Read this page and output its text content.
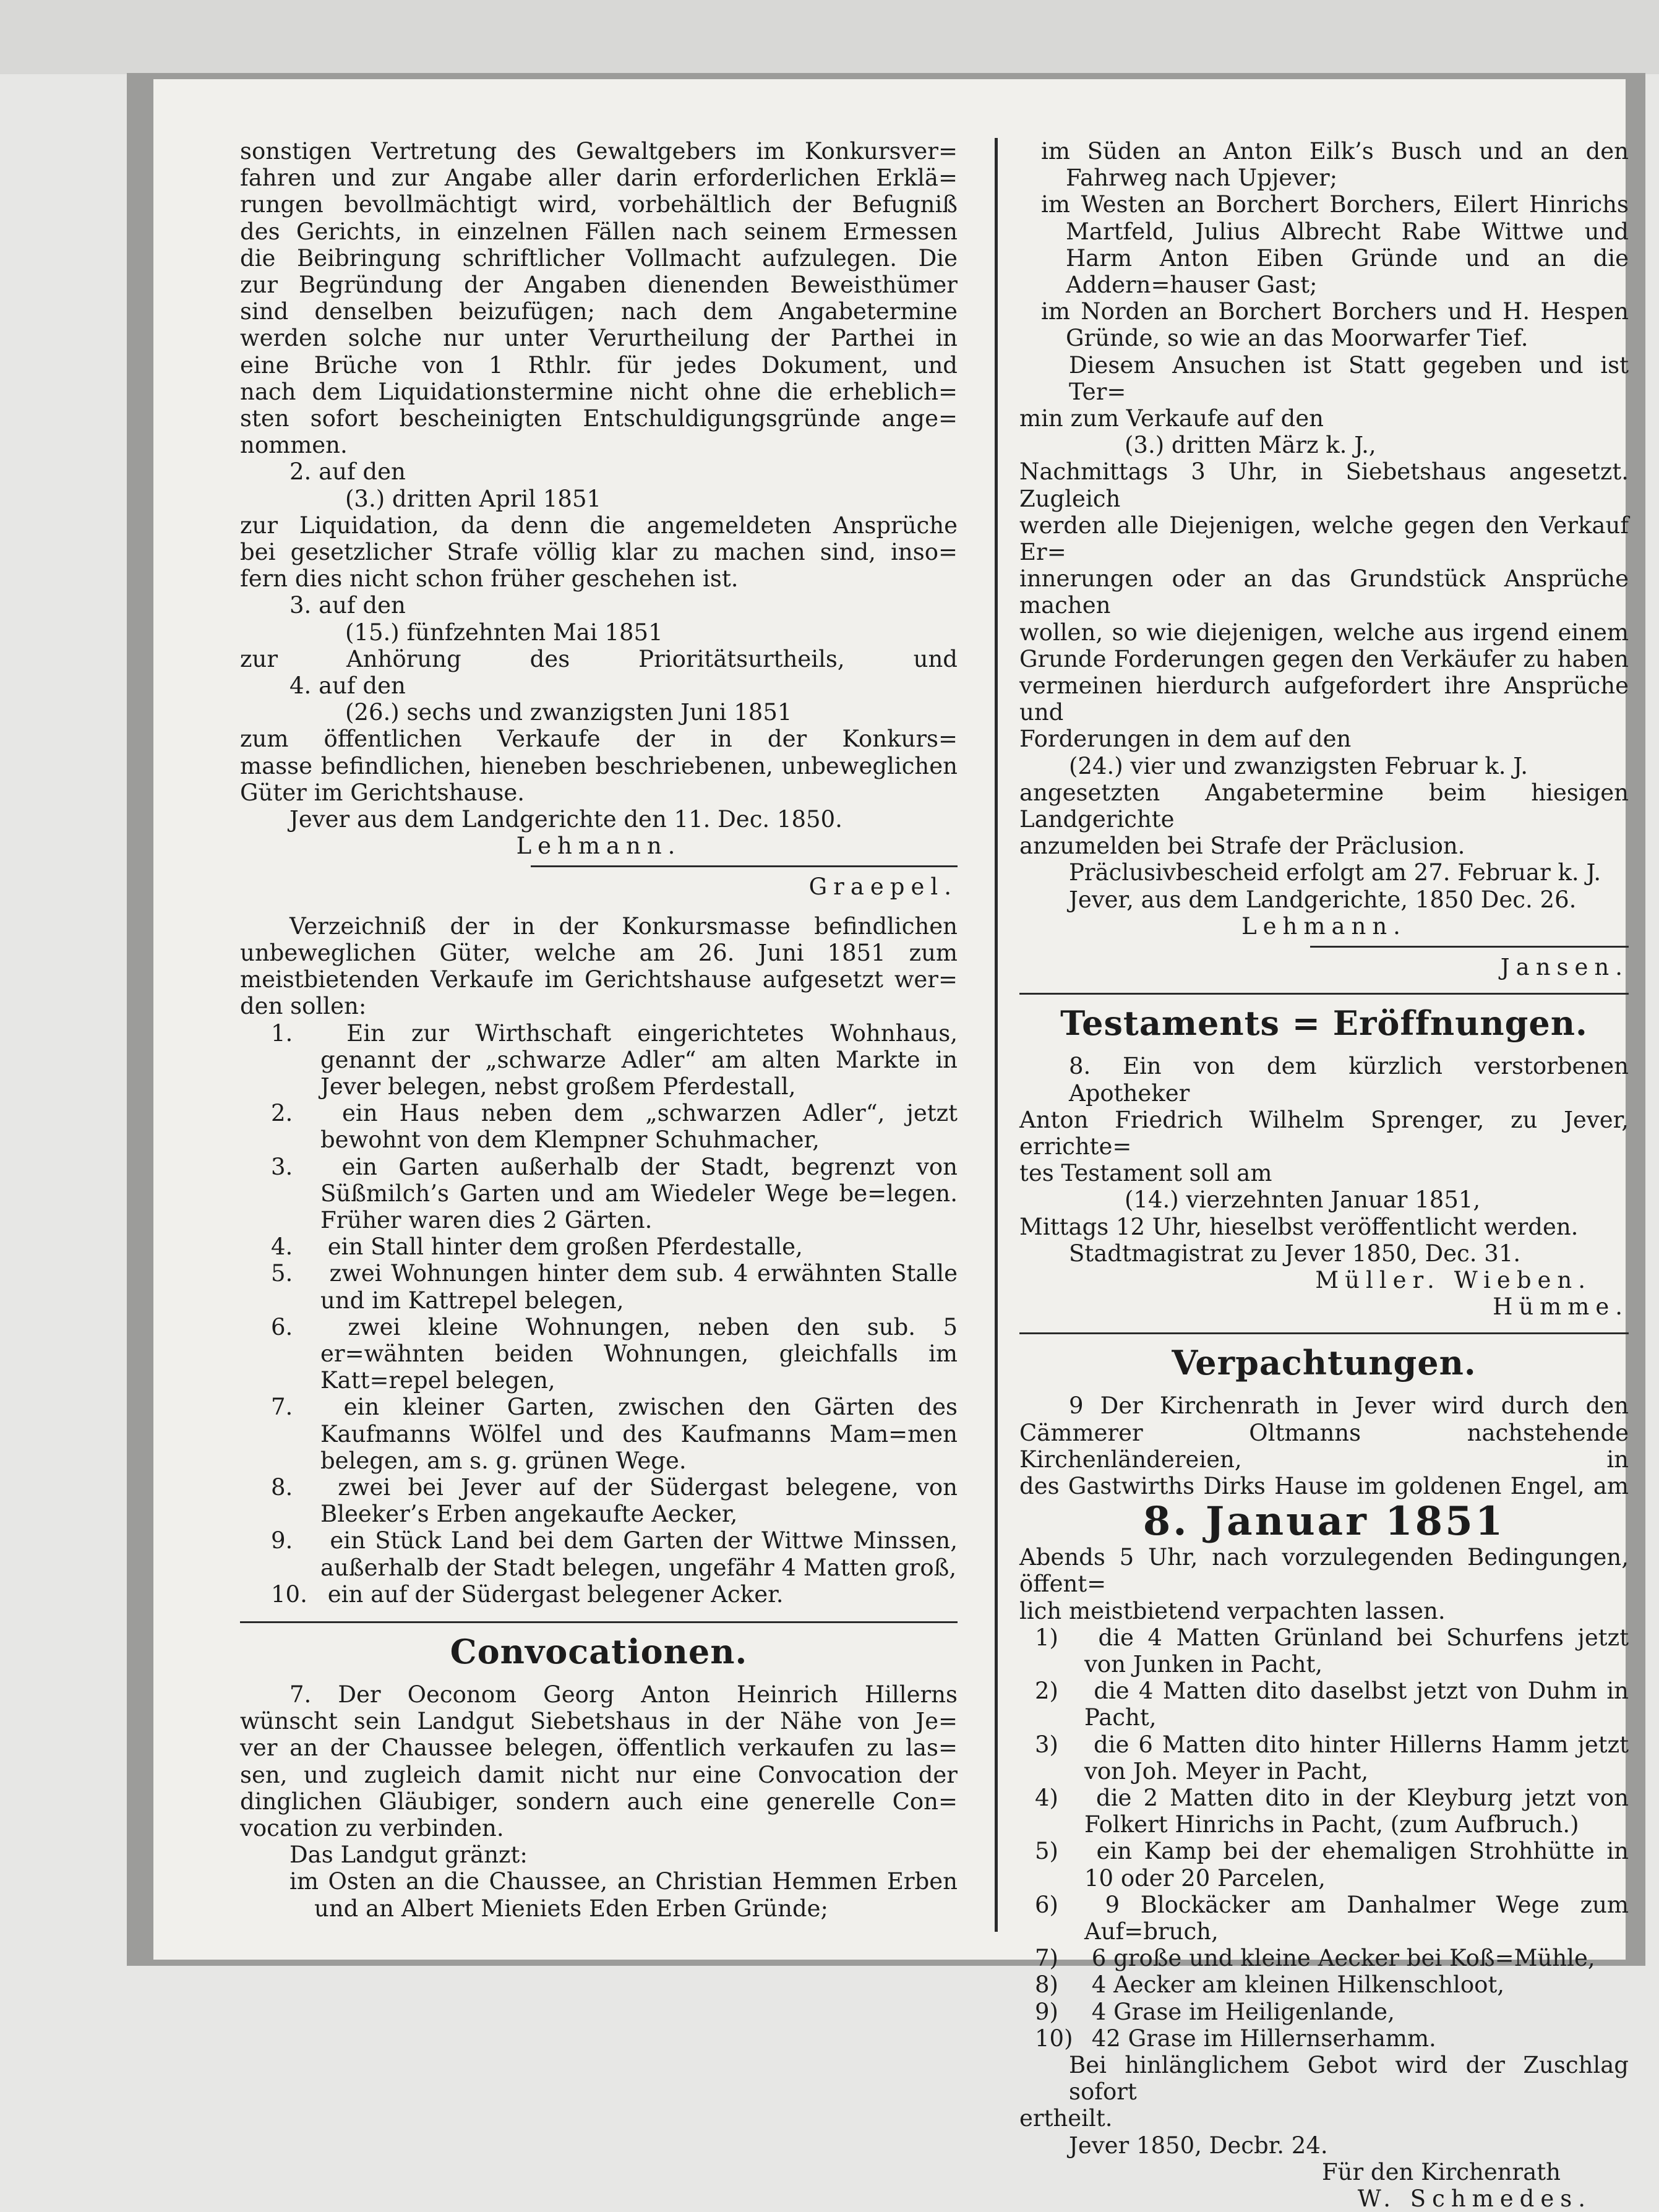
sonstigen Vertretung des Gewaltgebers im Konkursver=

fahren und zur Angabe aller darin erforderlichen Erklä=

rungen bevollmächtigt wird, vorbehältlich der Befugniß

des Gerichts, in einzelnen Fällen nach seinem Ermessen

die Beibringung schriftlicher Vollmacht aufzulegen. Die

zur Begründung der Angaben dienenden Beweisthümer

sind denselben beizufügen; nach dem Angabetermine

werden solche nur unter Verurtheilung der Parthei in

eine Brüche von 1 Rthlr. für jedes Dokument, und

nach dem Liquidationstermine nicht ohne die erheblich=

sten sofort bescheinigten Entschuldigungsgründe ange=

nommen.

2. auf den

(3.) dritten April 1851

zur Liquidation, da denn die angemeldeten Ansprüche

bei gesetzlicher Strafe völlig klar zu machen sind, inso=

fern dies nicht schon früher geschehen ist.

3. auf den

(15.) fünfzehnten Mai 1851

zur Anhörung des Prioritätsurtheils, und

4. auf den

(26.) sechs und zwanzigsten Juni 1851

zum öffentlichen Verkaufe der in der Konkurs=

masse befindlichen, hieneben beschriebenen, unbeweglichen

Güter im Gerichtshause.

Jever aus dem Landgerichte den 11. Dec. 1850.

Lehmann.

Graepel.

Verzeichniß der in der Konkursmasse befindlichen

unbeweglichen Güter, welche am 26. Juni 1851 zum

meistbietenden Verkaufe im Gerichtshause aufgesetzt wer=

den sollen:

1. Ein zur Wirthschaft eingerichtetes Wohnhaus, genannt der „schwarze Adler“ am alten Markte in Jever belegen, nebst großem Pferdestall,

2. ein Haus neben dem „schwarzen Adler“, jetzt bewohnt von dem Klempner Schuhmacher,

3. ein Garten außerhalb der Stadt, begrenzt von Süßmilch’s Garten und am Wiedeler Wege be=legen. Früher waren dies 2 Gärten.

4. ein Stall hinter dem großen Pferdestalle,

5. zwei Wohnungen hinter dem sub. 4 erwähnten Stalle und im Kattrepel belegen,

6. zwei kleine Wohnungen, neben den sub. 5 er=wähnten beiden Wohnungen, gleichfalls im Katt=repel belegen,

7. ein kleiner Garten, zwischen den Gärten des Kaufmanns Wölfel und des Kaufmanns Mam=men belegen, am s. g. grünen Wege.

8. zwei bei Jever auf der Südergast belegene, von Bleeker’s Erben angekaufte Aecker,

9. ein Stück Land bei dem Garten der Wittwe Minssen, außerhalb der Stadt belegen, ungefähr 4 Matten groß,

10. ein auf der Südergast belegener Acker.

Convocationen.

7. Der Oeconom Georg Anton Heinrich Hillerns

wünscht sein Landgut Siebetshaus in der Nähe von Je=

ver an der Chaussee belegen, öffentlich verkaufen zu las=

sen, und zugleich damit nicht nur eine Convocation der

dinglichen Gläubiger, sondern auch eine generelle Con=

vocation zu verbinden.

Das Landgut gränzt:

im Osten an die Chaussee, an Christian Hemmen Erben und an Albert Mieniets Eden Erben Gründe;

im Süden an Anton Eilk’s Busch und an den Fahrweg nach Upjever;

im Westen an Borchert Borchers, Eilert Hinrichs Martfeld, Julius Albrecht Rabe Wittwe und Harm Anton Eiben Gründe und an die Addern=hauser Gast;

im Norden an Borchert Borchers und H. Hespen Gründe, so wie an das Moorwarfer Tief.

Diesem Ansuchen ist Statt gegeben und ist Ter=

min zum Verkaufe auf den

(3.) dritten März k. J.,

Nachmittags 3 Uhr, in Siebetshaus angesetzt. Zugleich

werden alle Diejenigen, welche gegen den Verkauf Er=

innerungen oder an das Grundstück Ansprüche machen

wollen, so wie diejenigen, welche aus irgend einem

Grunde Forderungen gegen den Verkäufer zu haben

vermeinen hierdurch aufgefordert ihre Ansprüche und

Forderungen in dem auf den

(24.) vier und zwanzigsten Februar k. J.

angesetzten Angabetermine beim hiesigen Landgerichte

anzumelden bei Strafe der Präclusion.

Präclusivbescheid erfolgt am 27. Februar k. J.

Jever, aus dem Landgerichte, 1850 Dec. 26.

Lehmann.

Jansen.

Testaments = Eröffnungen.

8. Ein von dem kürzlich verstorbenen Apotheker

Anton Friedrich Wilhelm Sprenger, zu Jever, errichte=

tes Testament soll am

(14.) vierzehnten Januar 1851,

Mittags 12 Uhr, hieselbst veröffentlicht werden.

Stadtmagistrat zu Jever 1850, Dec. 31.

Müller. Wieben.

Hümme.

Verpachtungen.

9 Der Kirchenrath in Jever wird durch den

Cämmerer Oltmanns nachstehende Kirchenländereien, in

des Gastwirths Dirks Hause im goldenen Engel, am

8. Januar 1851

Abends 5 Uhr, nach vorzulegenden Bedingungen, öffent=

lich meistbietend verpachten lassen.

1) die 4 Matten Grünland bei Schurfens jetzt von Junken in Pacht,

2) die 4 Matten dito daselbst jetzt von Duhm in Pacht,

3) die 6 Matten dito hinter Hillerns Hamm jetzt von Joh. Meyer in Pacht,

4) die 2 Matten dito in der Kleyburg jetzt von Folkert Hinrichs in Pacht, (zum Aufbruch.)

5) ein Kamp bei der ehemaligen Strohhütte in 10 oder 20 Parcelen,

6) 9 Blockäcker am Danhalmer Wege zum Auf=bruch,

7) 6 große und kleine Aecker bei Koß=Mühle,

8) 4 Aecker am kleinen Hilkenschloot,

9) 4 Grase im Heiligenlande,

10) 42 Grase im Hillernserhamm.

Bei hinlänglichem Gebot wird der Zuschlag sofort

ertheilt.

Jever 1850, Decbr. 24.

Für den Kirchenrath

W. Schmedes.
